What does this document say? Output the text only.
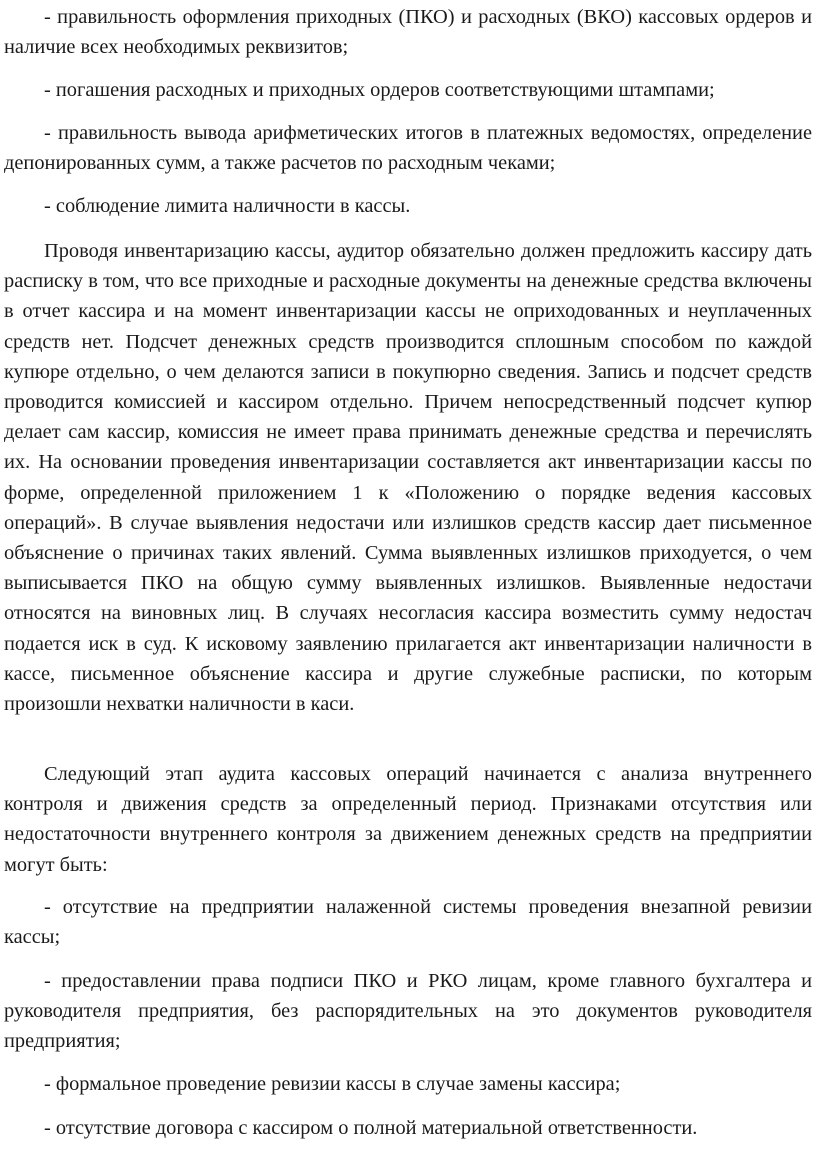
- правильность оформления приходных (ПКО) и расходных (ВКО) кассовых ордеров и наличие всех необходимых реквизитов;

- погашения расходных и приходных ордеров соответствующими штампами;

- правильность вывода арифметических итогов в платежных ведомостях, определение депонированных сумм, а также расчетов по расходным чеками;

- соблюдение лимита наличности в кассы.

Проводя инвентаризацию кассы, аудитор обязательно должен предложить кассиру дать расписку в том, что все приходные и расходные документы на денежные средства включены в отчет кассира и на момент инвентаризации кассы не оприходованных и неуплаченных средств нет. Подсчет денежных средств производится сплошным способом по каждой купюре отдельно, о чем делаются записи в покупюрно сведения. Запись и подсчет средств проводится комиссией и кассиром отдельно. Причем непосредственный подсчет купюр делает сам кассир, комиссия не имеет права принимать денежные средства и перечислять их. На основании проведения инвентаризации составляется акт инвентаризации кассы по форме, определенной приложением 1 к «Положению о порядке ведения кассовых операций». В случае выявления недостачи или излишков средств кассир дает письменное объяснение о причинах таких явлений. Сумма выявленных излишков приходуется, о чем выписывается ПКО на общую сумму выявленных излишков. Выявленные недостачи относятся на виновных лиц. В случаях несогласия кассира возместить сумму недостач подается иск в суд. К исковому заявлению прилагается акт инвентаризации наличности в кассе, письменное объяснение кассира и другие служебные расписки, по которым произошли нехватки наличности в каси.

Следующий этап аудита кассовых операций начинается с анализа внутреннего контроля и движения средств за определенный период. Признаками отсутствия или недостаточности внутреннего контроля за движением денежных средств на предприятии могут быть:

- отсутствие на предприятии налаженной системы проведения внезапной ревизии кассы;

- предоставлении права подписи ПКО и РКО лицам, кроме главного бухгалтера и руководителя предприятия, без распорядительных на это документов руководителя предприятия;

- формальное проведение ревизии кассы в случае замены кассира;

- отсутствие договора с кассиром о полной материальной ответственности.
